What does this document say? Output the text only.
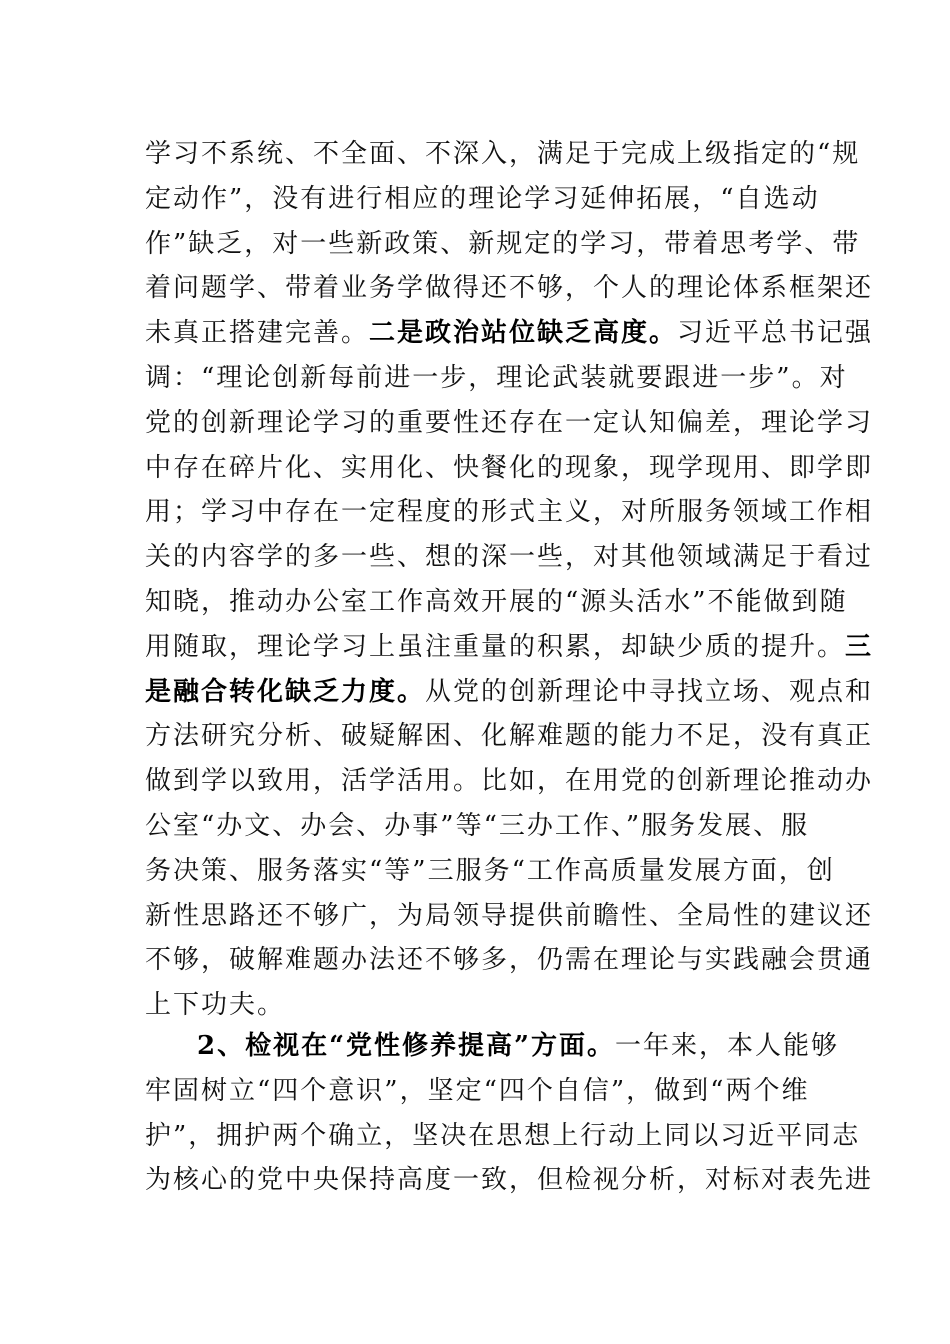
学习不系统、不全面、不深入，满足于完成上级指定的“规
定动作”，没有进行相应的理论学习延伸拓展，“自选动
作”缺乏，对一些新政策、新规定的学习，带着思考学、带
着问题学、带着业务学做得还不够，个人的理论体系框架还
未真正搭建完善。二是政治站位缺乏高度。习近平总书记强
调：“理论创新每前进一步，理论武装就要跟进一步”。对
党的创新理论学习的重要性还存在一定认知偏差，理论学习
中存在碎片化、实用化、快餐化的现象，现学现用、即学即
用；学习中存在一定程度的形式主义，对所服务领域工作相
关的内容学的多一些、想的深一些，对其他领域满足于看过
知晓，推动办公室工作高效开展的“源头活水”不能做到随
用随取，理论学习上虽注重量的积累，却缺少质的提升。三
是融合转化缺乏力度。从党的创新理论中寻找立场、观点和
方法研究分析、破疑解困、化解难题的能力不足，没有真正
做到学以致用，活学活用。比如，在用党的创新理论推动办
公室“办文、办会、办事”等“三办工作、”服务发展、服
务决策、服务落实“等”三服务“工作高质量发展方面，创
新性思路还不够广，为局领导提供前瞻性、全局性的建议还
不够，破解难题办法还不够多，仍需在理论与实践融会贯通
上下功夫。
2、检视在“党性修养提高”方面。一年来，本人能够
牢固树立“四个意识”，坚定“四个自信”，做到“两个维
护”，拥护两个确立，坚决在思想上行动上同以习近平同志
为核心的党中央保持高度一致，但检视分析，对标对表先进
